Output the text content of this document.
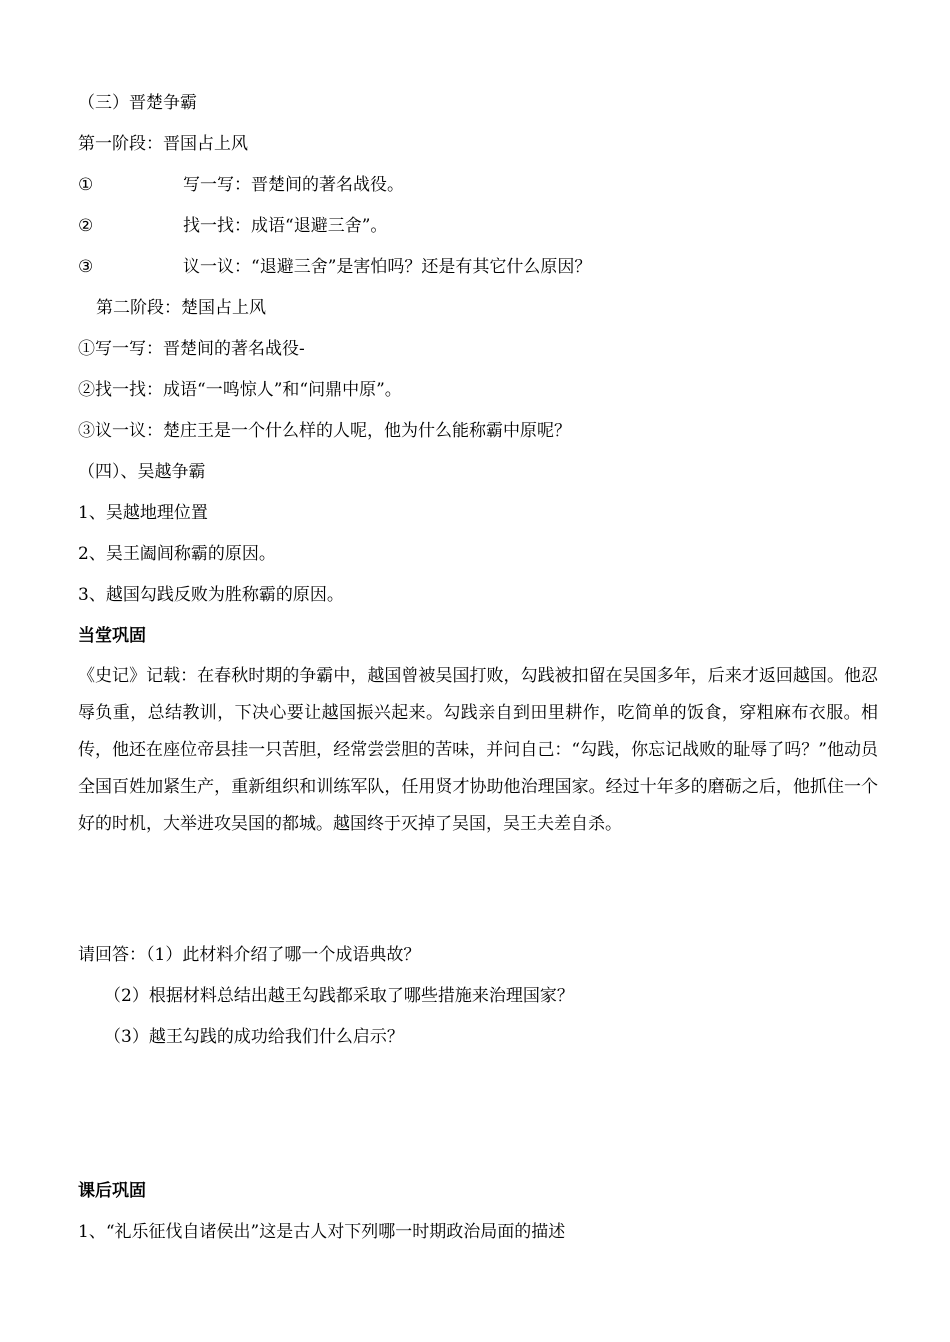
（三）晋楚争霸
第一阶段：晋国占上风
①	写一写：晋楚间的著名战役。
②	找一找：成语“退避三舍”。
③	议一议：“退避三舍”是害怕吗？还是有其它什么原因？
第二阶段：楚国占上风
①写一写：晋楚间的著名战役-
②找一找：成语“一鸣惊人”和“问鼎中原”。
③议一议：楚庄王是一个什么样的人呢，他为什么能称霸中原呢？
（四）、吴越争霸
1、吴越地理位置
2、吴王阖闾称霸的原因。
3、越国勾践反败为胜称霸的原因。
当堂巩固
《史记》记载：在春秋时期的争霸中，越国曾被吴国打败，勾践被扣留在吴国多年，后来才返回越国。他忍辱负重，总结教训，下决心要让越国振兴起来。勾践亲自到田里耕作，吃简单的饭食，穿粗麻布衣服。相传，他还在座位帝县挂一只苦胆，经常尝尝胆的苦味，并问自己：“勾践，你忘记战败的耻辱了吗？”他动员全国百姓加紧生产，重新组织和训练军队，任用贤才协助他治理国家。经过十年多的磨砺之后，他抓住一个好的时机，大举进攻吴国的都城。越国终于灭掉了吴国，吴王夫差自杀。
请回答：（1）此材料介绍了哪一个成语典故？
（2）根据材料总结出越王勾践都采取了哪些措施来治理国家？
（3）越王勾践的成功给我们什么启示？
课后巩固
1、“礼乐征伐自诸侯出”这是古人对下列哪一时期政治局面的描述
